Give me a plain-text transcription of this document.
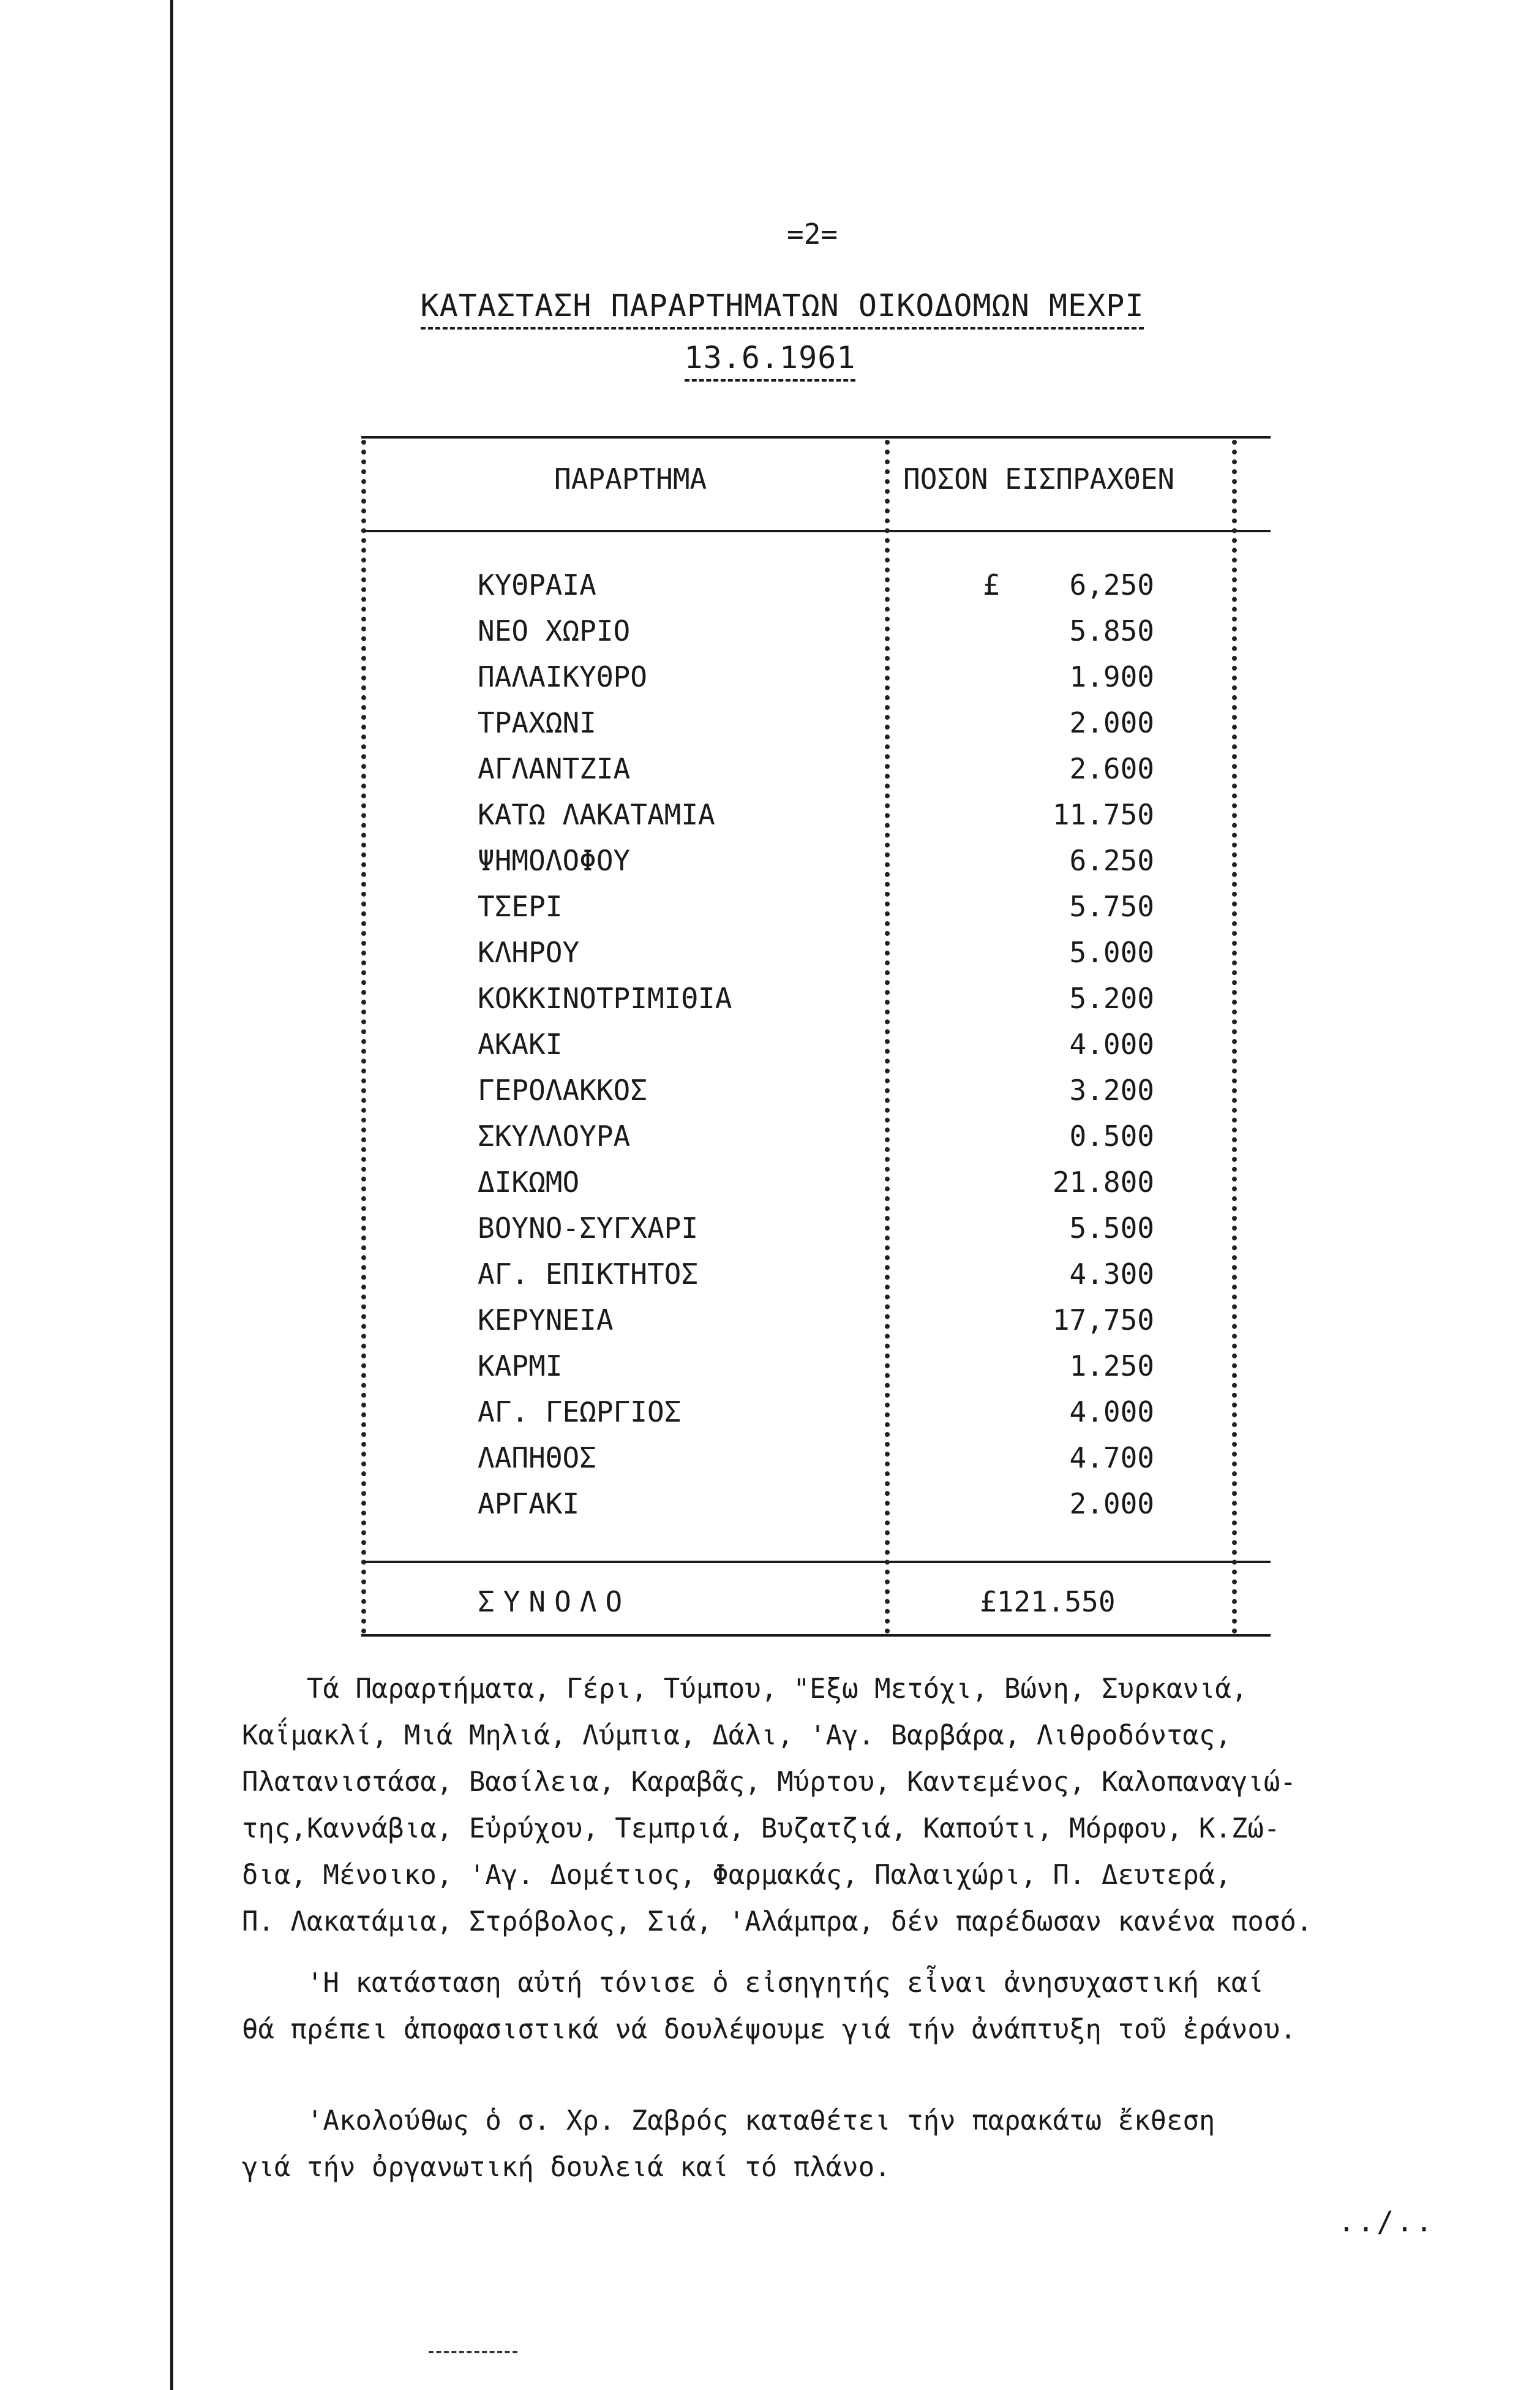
=2=
ΚΑΤΑΣΤΑΣΗ ΠΑΡΑΡΤΗΜΑΤΩΝ ΟΙΚΟΔΟΜΩΝ ΜΕΧΡΙ
13.6.1961
ΠΑΡΑΡΤΗΜΑ	ΠΟΣΟΝ ΕΙΣΠΡΑΧΘΕΝ
ΚΥΘΡΑΙΑ	£	6,250
ΝΕΟ ΧΩΡΙΟ	5.850
ΠΑΛΑΙΚΥΘΡΟ	1.900
ΤΡΑΧΩΝΙ	2.000
ΑΓΛΑΝΤΖΙΑ	2.600
ΚΑΤΩ ΛΑΚΑΤΑΜΙΑ	11.750
ΨΗΜΟΛΟΦΟΥ	6.250
ΤΣΕΡΙ	5.750
ΚΛΗΡΟΥ	5.000
ΚΟΚΚΙΝΟΤΡΙΜΙΘΙΑ	5.200
ΑΚΑΚΙ	4.000
ΓΕΡΟΛΑΚΚΟΣ	3.200
ΣΚΥΛΛΟΥΡΑ	0.500
ΔΙΚΩΜΟ	21.800
ΒΟΥΝΟ-ΣΥΓΧΑΡΙ	5.500
ΑΓ. ΕΠΙΚΤΗΤΟΣ	4.300
ΚΕΡΥΝΕΙΑ	17,750
ΚΑΡΜΙ	1.250
ΑΓ. ΓΕΩΡΓΙΟΣ	4.000
ΛΑΠΗΘΟΣ	4.700
ΑΡΓΑΚΙ	2.000
ΣΥΝΟΛΟ	£121.550
Τά Παραρτήματα, Γέρι, Τύμπου, "Εξω Μετόχι, Βώνη, Συρκανιά,
Καΐμακλί, Μιά Μηλιά, Λύμπια, Δάλι, 'Αγ. Βαρβάρα, Λιθροδόντας,
Πλατανιστάσα, Βασίλεια, Καραβᾶς, Μύρτου, Καντεμένος, Καλοπαναγιώ-
της,Καννάβια, Εὐρύχου, Τεμπριά, Βυζατζιά, Καπούτι, Μόρφου, Κ.Ζώ-
δια, Μένοικο, 'Αγ. Δομέτιος, Φαρμακάς, Παλαιχώρι, Π. Δευτερά,
Π. Λακατάμια, Στρόβολος, Σιά, 'Αλάμπρα, δέν παρέδωσαν κανένα ποσό.
'Η κατάσταση αὐτή τόνισε ὁ εἰσηγητής εἶναι ἀνησυχαστική καί
θά πρέπει ἀποφασιστικά νά δουλέψουμε γιά τήν ἀνάπτυξη τοῦ ἐράνου.
'Ακολούθως ὁ σ. Χρ. Ζαβρός καταθέτει τήν παρακάτω ἔκθεση
γιά τήν ὀργανωτική δουλειά καί τό πλάνο.
../..
